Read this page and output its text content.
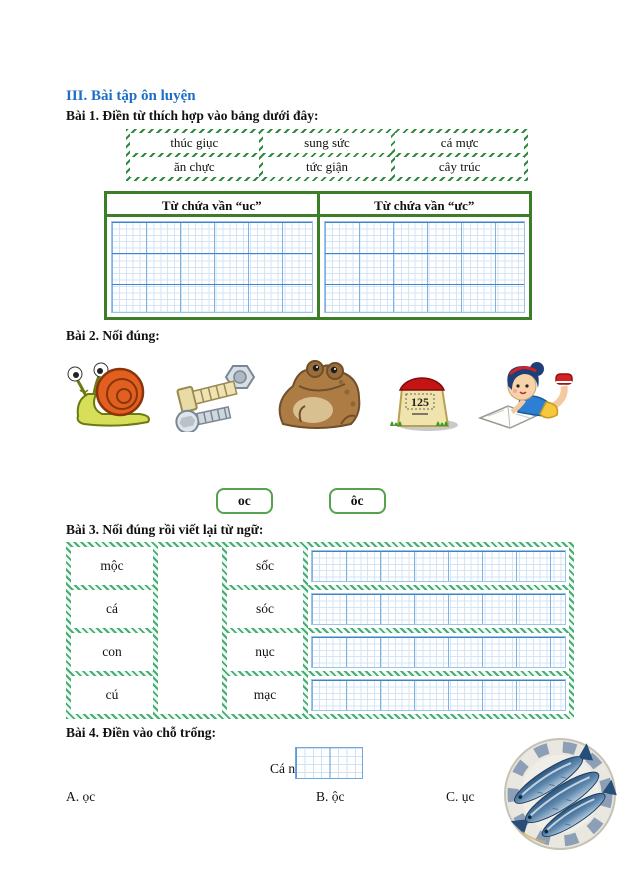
III. Bài tập ôn luyện
Bài 1. Điền từ thích hợp vào bảng dưới đây:
thúc giục	sung sức	cá mực
ăn chực	tức giận	cây trúc
Từ chứa vần “uc”	Từ chứa vần “ưc”
Bài 2. Nối đúng:
125
oc	ôc
Bài 3. Nối đúng rồi viết lại từ ngữ:
mộc	sốc
cá	sóc
con	nục
cú	mạc
Bài 4. Điền vào chỗ trống:
Cá n
A. ọc	B. ộc	C. ục
